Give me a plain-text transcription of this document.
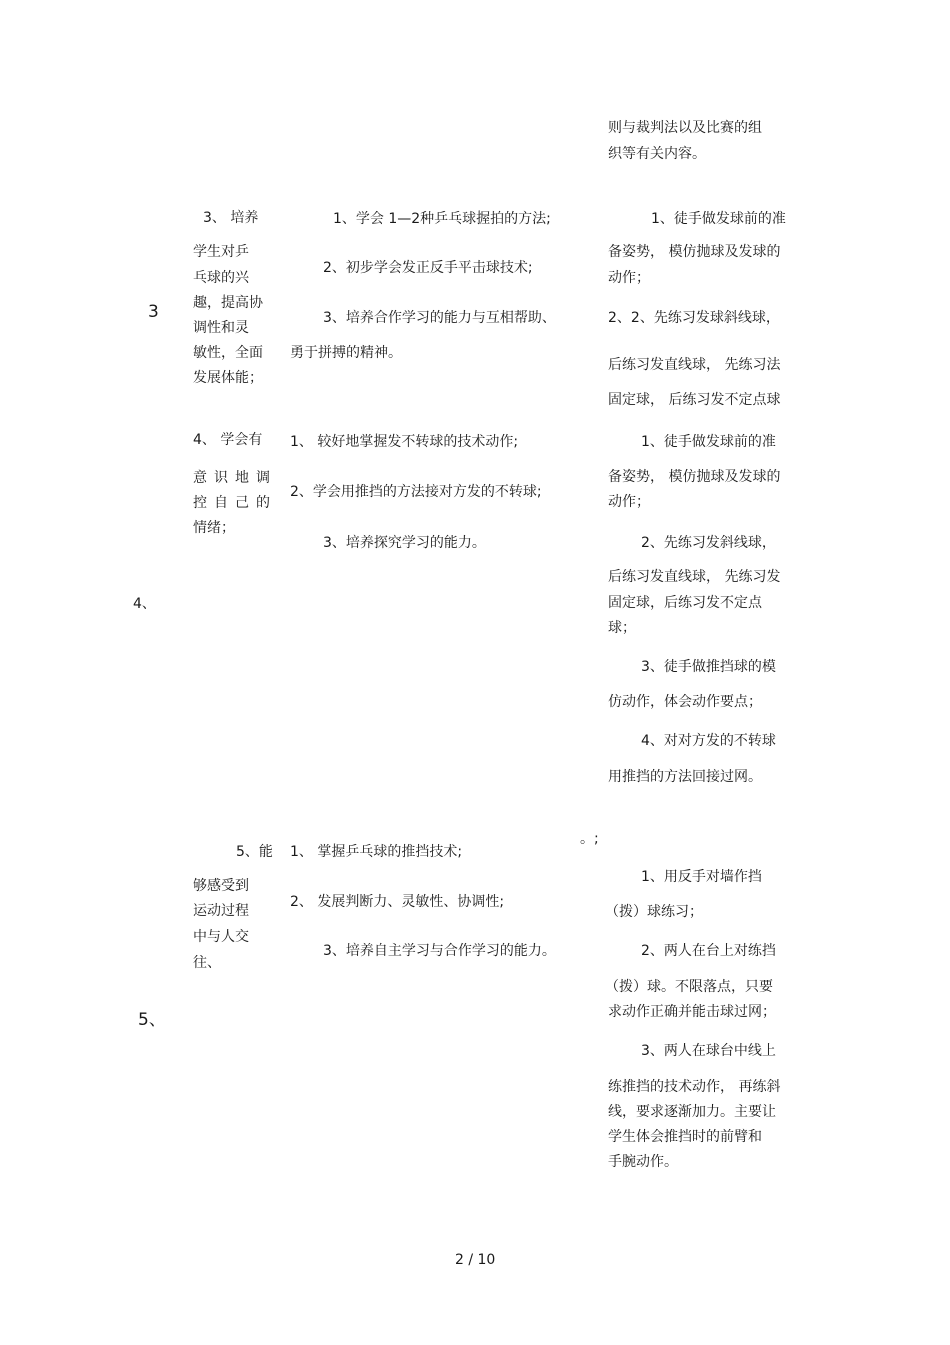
则与裁判法以及比赛的组
织等有关内容。
3
3、 培养
学生对乒
乓球的兴
趣，提高协
调性和灵
敏性，全面
发展体能；
1、学会 1—2种乒乓球握拍的方法;
2、初步学会发正反手平击球技术;
3、培养合作学习的能力与互相帮助、
勇于拼搏的精神。
1、徒手做发球前的准
备姿势， 模仿抛球及发球的
动作；
2、2、先练习发球斜线球，
后练习发直线球， 先练习法
固定球， 后练习发不定点球
4、
4、 学会有
意识地调
控自己的
情绪；
1、 较好地掌握发不转球的技术动作;
2、学会用推挡的方法接对方发的不转球;
3、培养探究学习的能力。
1、徒手做发球前的准
备姿势， 模仿抛球及发球的
动作；
2、先练习发斜线球，
后练习发直线球， 先练习发
固定球，后练习发不定点
球；
3、徒手做推挡球的模
仿动作，体会动作要点；
4、对对方发的不转球
用推挡的方法回接过网。
。;
5、
5、能
够感受到
运动过程
中与人交
往、
1、 掌握乒乓球的推挡技术;
2、 发展判断力、灵敏性、协调性;
3、培养自主学习与合作学习的能力。
1、用反手对墙作挡
（拨）球练习；
2、两人在台上对练挡
（拨）球。不限落点，只要
求动作正确并能击球过网；
3、两人在球台中线上
练推挡的技术动作， 再练斜
线，要求逐渐加力。主要让
学生体会推挡时的前臂和
手腕动作。
2 / 10
